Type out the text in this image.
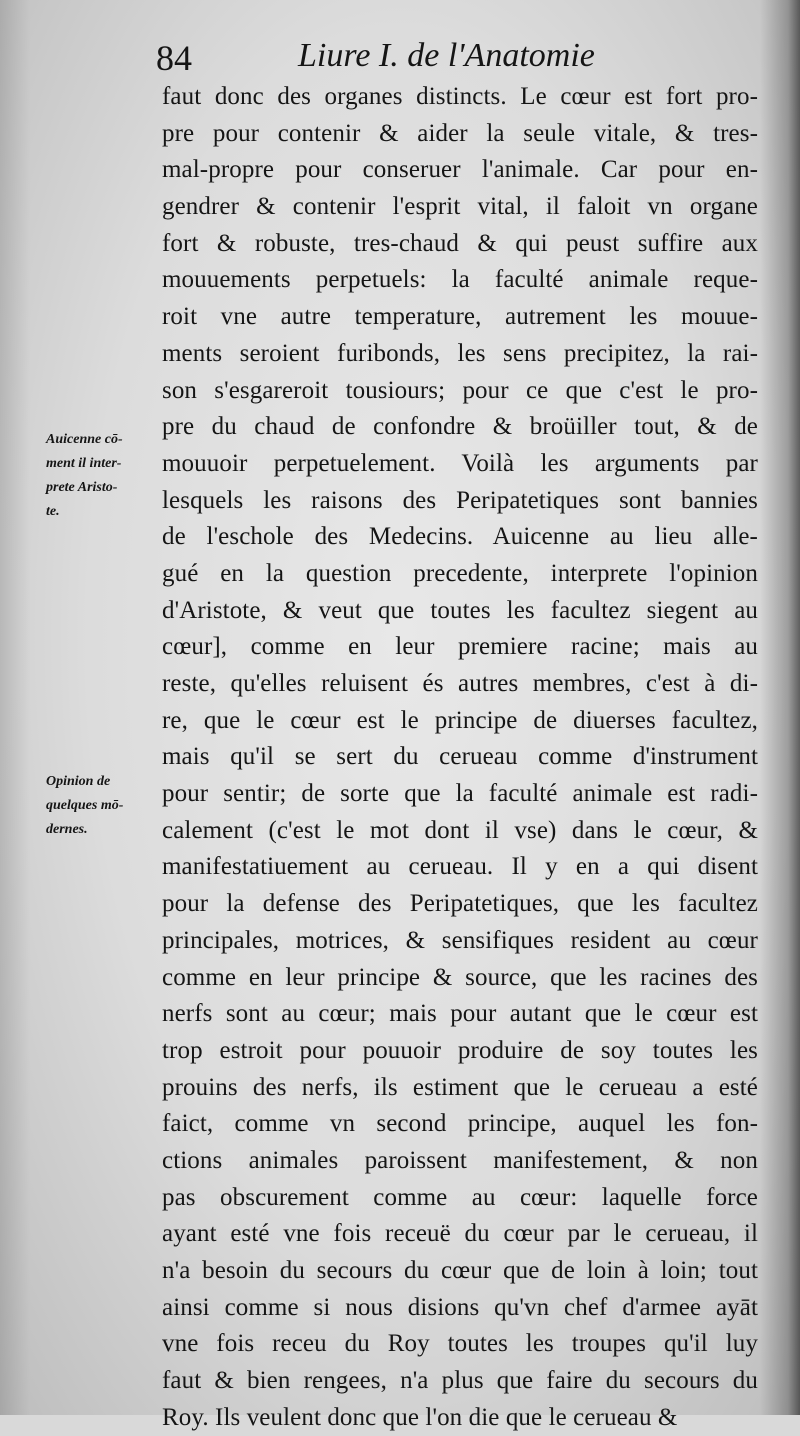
84	Liure I. de l'Anatomie
Auicenne cō-
ment il inter-
prete Aristo-
te.
Opinion de
quelques mō-
dernes.
faut donc des organes distincts. Le cœur est fort pro-
pre pour contenir & aider la seule vitale, & tres-
mal-propre pour conseruer l'animale. Car pour en-
gendrer & contenir l'esprit vital, il faloit vn organe
fort & robuste, tres-chaud & qui peust suffire aux
mouuements perpetuels: la faculté animale reque-
roit vne autre temperature, autrement les mouue-
ments seroient furibonds, les sens precipitez, la rai-
son s'esgareroit tousiours; pour ce que c'est le pro-
pre du chaud de confondre & broüiller tout, & de
mouuoir perpetuelement. Voilà les arguments par
lesquels les raisons des Peripatetiques sont bannies
de l'eschole des Medecins. Auicenne au lieu alle-
gué en la question precedente, interprete l'opinion
d'Aristote, & veut que toutes les facultez siegent au
cœur], comme en leur premiere racine; mais au
reste, qu'elles reluisent és autres membres, c'est à di-
re, que le cœur est le principe de diuerses facultez,
mais qu'il se sert du cerueau comme d'instrument
pour sentir; de sorte que la faculté animale est radi-
calement (c'est le mot dont il vse) dans le cœur, &
manifestatiuement au cerueau. Il y en a qui disent
pour la defense des Peripatetiques, que les facultez
principales, motrices, & sensifiques resident au cœur
comme en leur principe & source, que les racines des
nerfs sont au cœur; mais pour autant que le cœur est
trop estroit pour pouuoir produire de soy toutes les
prouins des nerfs, ils estiment que le cerueau a esté
faict, comme vn second principe, auquel les fon-
ctions animales paroissent manifestement, & non
pas obscurement comme au cœur: laquelle force
ayant esté vne fois receuë du cœur par le cerueau, il
n'a besoin du secours du cœur que de loin à loin; tout
ainsi comme si nous disions qu'vn chef d'armee ayāt
vne fois receu du Roy toutes les troupes qu'il luy
faut & bien rengees, n'a plus que faire du secours du
Roy. Ils veulent donc que l'on die que le cerueau &
